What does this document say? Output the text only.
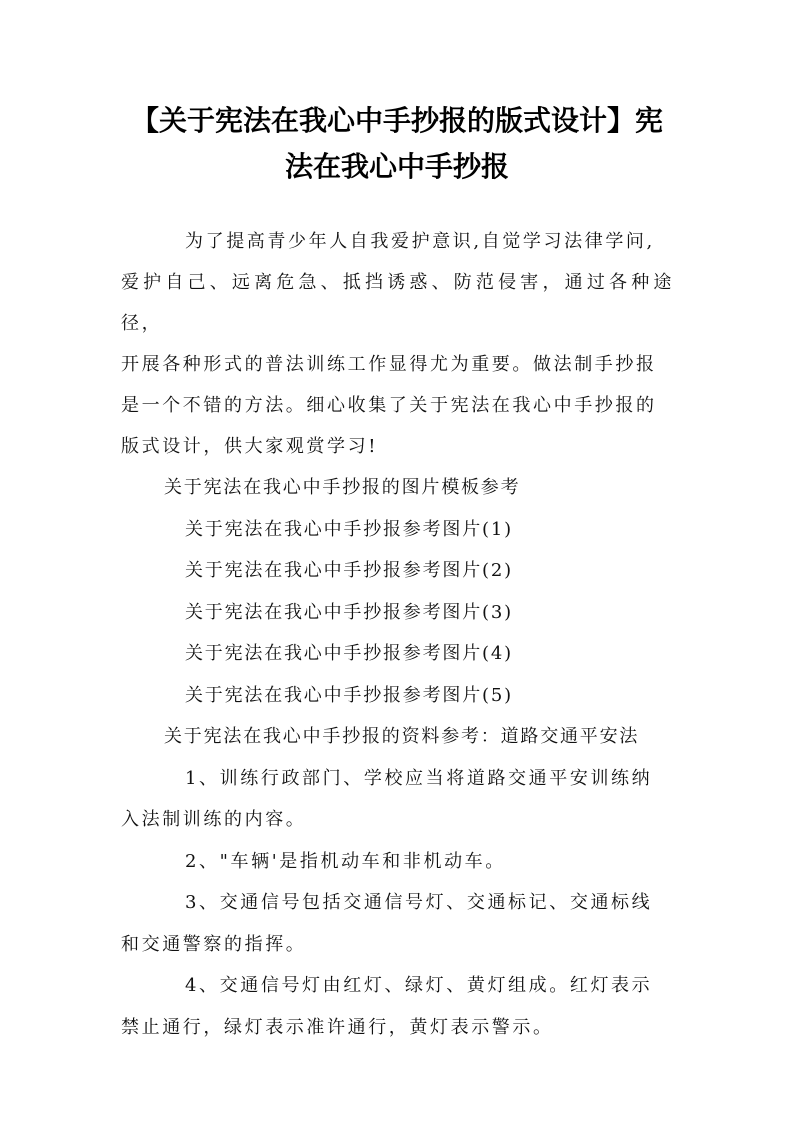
【关于宪法在我心中手抄报的版式设计】宪
法在我心中手抄报
为了提高青少年人自我爱护意识,自觉学习法律学问,
爱护自己、远离危急、抵挡诱惑、防范侵害，通过各种途径，
开展各种形式的普法训练工作显得尤为重要。做法制手抄报
是一个不错的方法。细心收集了关于宪法在我心中手抄报的
版式设计，供大家观赏学习!

关于宪法在我心中手抄报的图片模板参考

关于宪法在我心中手抄报参考图片(1)

关于宪法在我心中手抄报参考图片(2)

关于宪法在我心中手抄报参考图片(3)

关于宪法在我心中手抄报参考图片(4)

关于宪法在我心中手抄报参考图片(5)

关于宪法在我心中手抄报的资料参考：道路交通平安法

1、训练行政部门、学校应当将道路交通平安训练纳

入法制训练的内容。

2、"车辆'是指机动车和非机动车。

3、交通信号包括交通信号灯、交通标记、交通标线

和交通警察的指挥。

4、交通信号灯由红灯、绿灯、黄灯组成。红灯表示

禁止通行，绿灯表示准许通行，黄灯表示警示。
